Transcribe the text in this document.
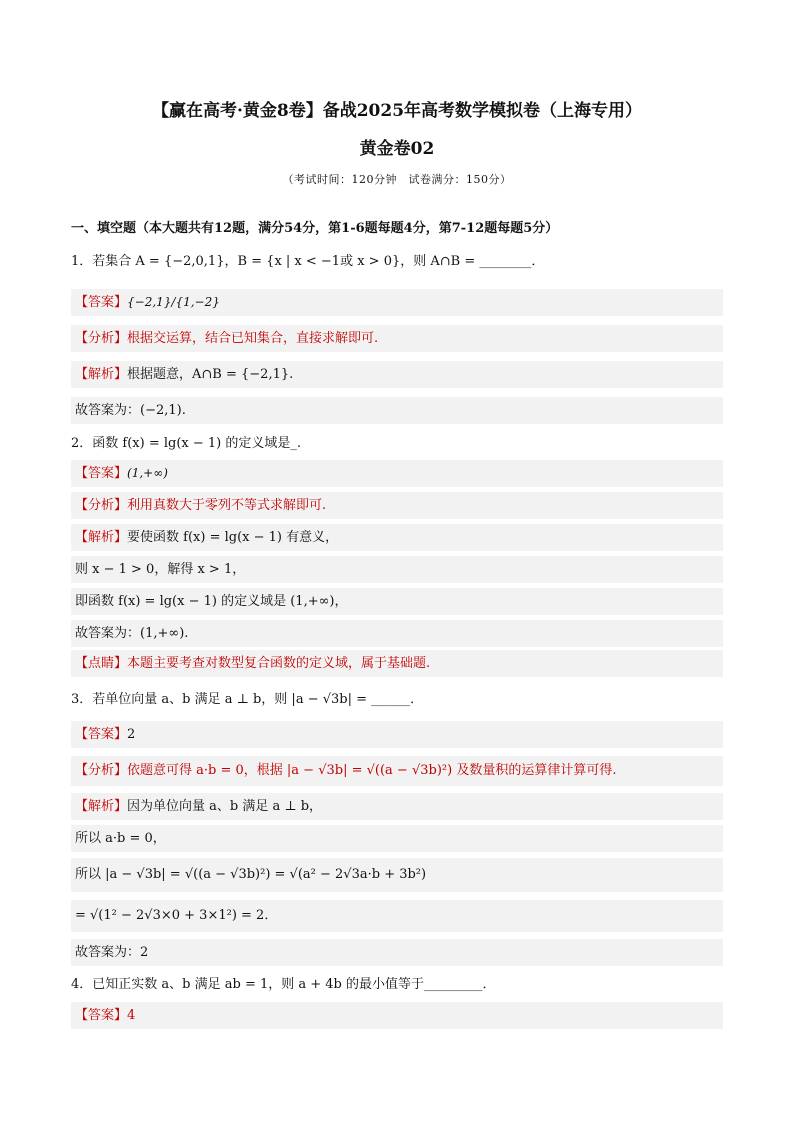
【赢在高考·黄金8卷】备战2025年高考数学模拟卷（上海专用）
黄金卷02
（考试时间：120分钟　试卷满分：150分）
一、填空题（本大题共有12题，满分54分，第1-6题每题4分，第7-12题每题5分）
1．若集合 A = {−2,0,1}，B = {x | x < −1或 x > 0}，则 A∩B = ________．
【答案】{−2,1}/{1,−2}
【分析】根据交运算，结合已知集合，直接求解即可.
【解析】根据题意，A∩B = {−2,1}.
故答案为：(−2,1).
2．函数 f(x) = lg(x − 1) 的定义域是_.
【答案】(1,+∞)
【分析】利用真数大于零列不等式求解即可.
【解析】要使函数 f(x) = lg(x − 1) 有意义，
则 x − 1 > 0，解得 x > 1，
即函数 f(x) = lg(x − 1) 的定义域是 (1,+∞)，
故答案为：(1,+∞).
【点睛】本题主要考查对数型复合函数的定义域，属于基础题.
3．若单位向量 a、b 满足 a ⊥ b，则 |a − √3b| = ______．
【答案】2
【分析】依题意可得 a·b = 0，根据 |a − √3b| = √((a − √3b)²) 及数量积的运算律计算可得.
【解析】因为单位向量 a、b 满足 a ⊥ b，
所以 a·b = 0，
所以 |a − √3b| = √((a − √3b)²) = √(a² − 2√3a·b + 3b²)
= √(1² − 2√3×0 + 3×1²) = 2．
故答案为：2
4．已知正实数 a、b 满足 ab = 1，则 a + 4b 的最小值等于_________．
【答案】4
